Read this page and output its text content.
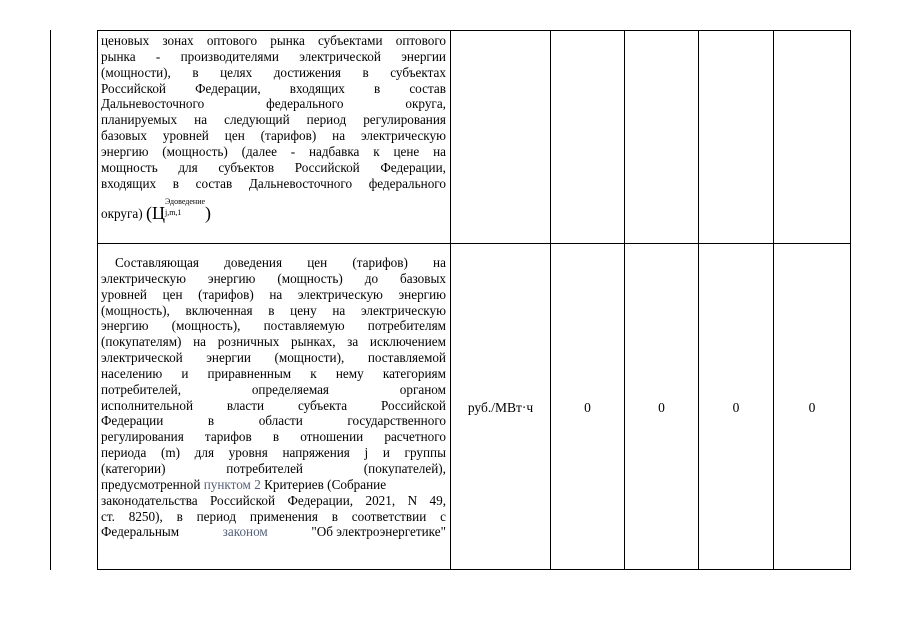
ценовых зонах оптового рынка субъектами оптового
рынка - производителями электрической энергии
(мощности), в целях достижения в субъектах
Российской Федерации, входящих в состав
Дальневосточного	федерального	округа,
планируемых на следующий период регулирования
базовых уровней цен (тарифов) на электрическую
энергию (мощность) (далее - надбавка к цене на
мощность для субъектов Российской Федерации,
входящих в состав Дальневосточного федерального
округа)
( Ц
Эдоведение
j,m,1	)
Составляющая доведения цен (тарифов) на
электрическую энергию (мощность) до базовых
уровней цен (тарифов) на электрическую энергию
(мощность), включенная в цену на электрическую
энергию (мощность), поставляемую потребителям
(покупателям) на розничных рынках, за исключением
электрической энергии (мощности), поставляемой
населению и приравненным к нему категориям
потребителей,	определяемая	органом
исполнительной	власти	субъекта	Российской
Федерации	в	области	государственного
регулирования тарифов в отношении расчетного
периода (m) для уровня напряжения j и группы
(категории)	потребителей	(покупателей),
предусмотренной пунктом 2 Критериев (Собрание
законодательства Российской Федерации, 2021, N 49,
ст. 8250), в период применения в соответствии с
Федеральным	законом	"Об электроэнергетике"
руб./МВт·ч	0	0	0	0
